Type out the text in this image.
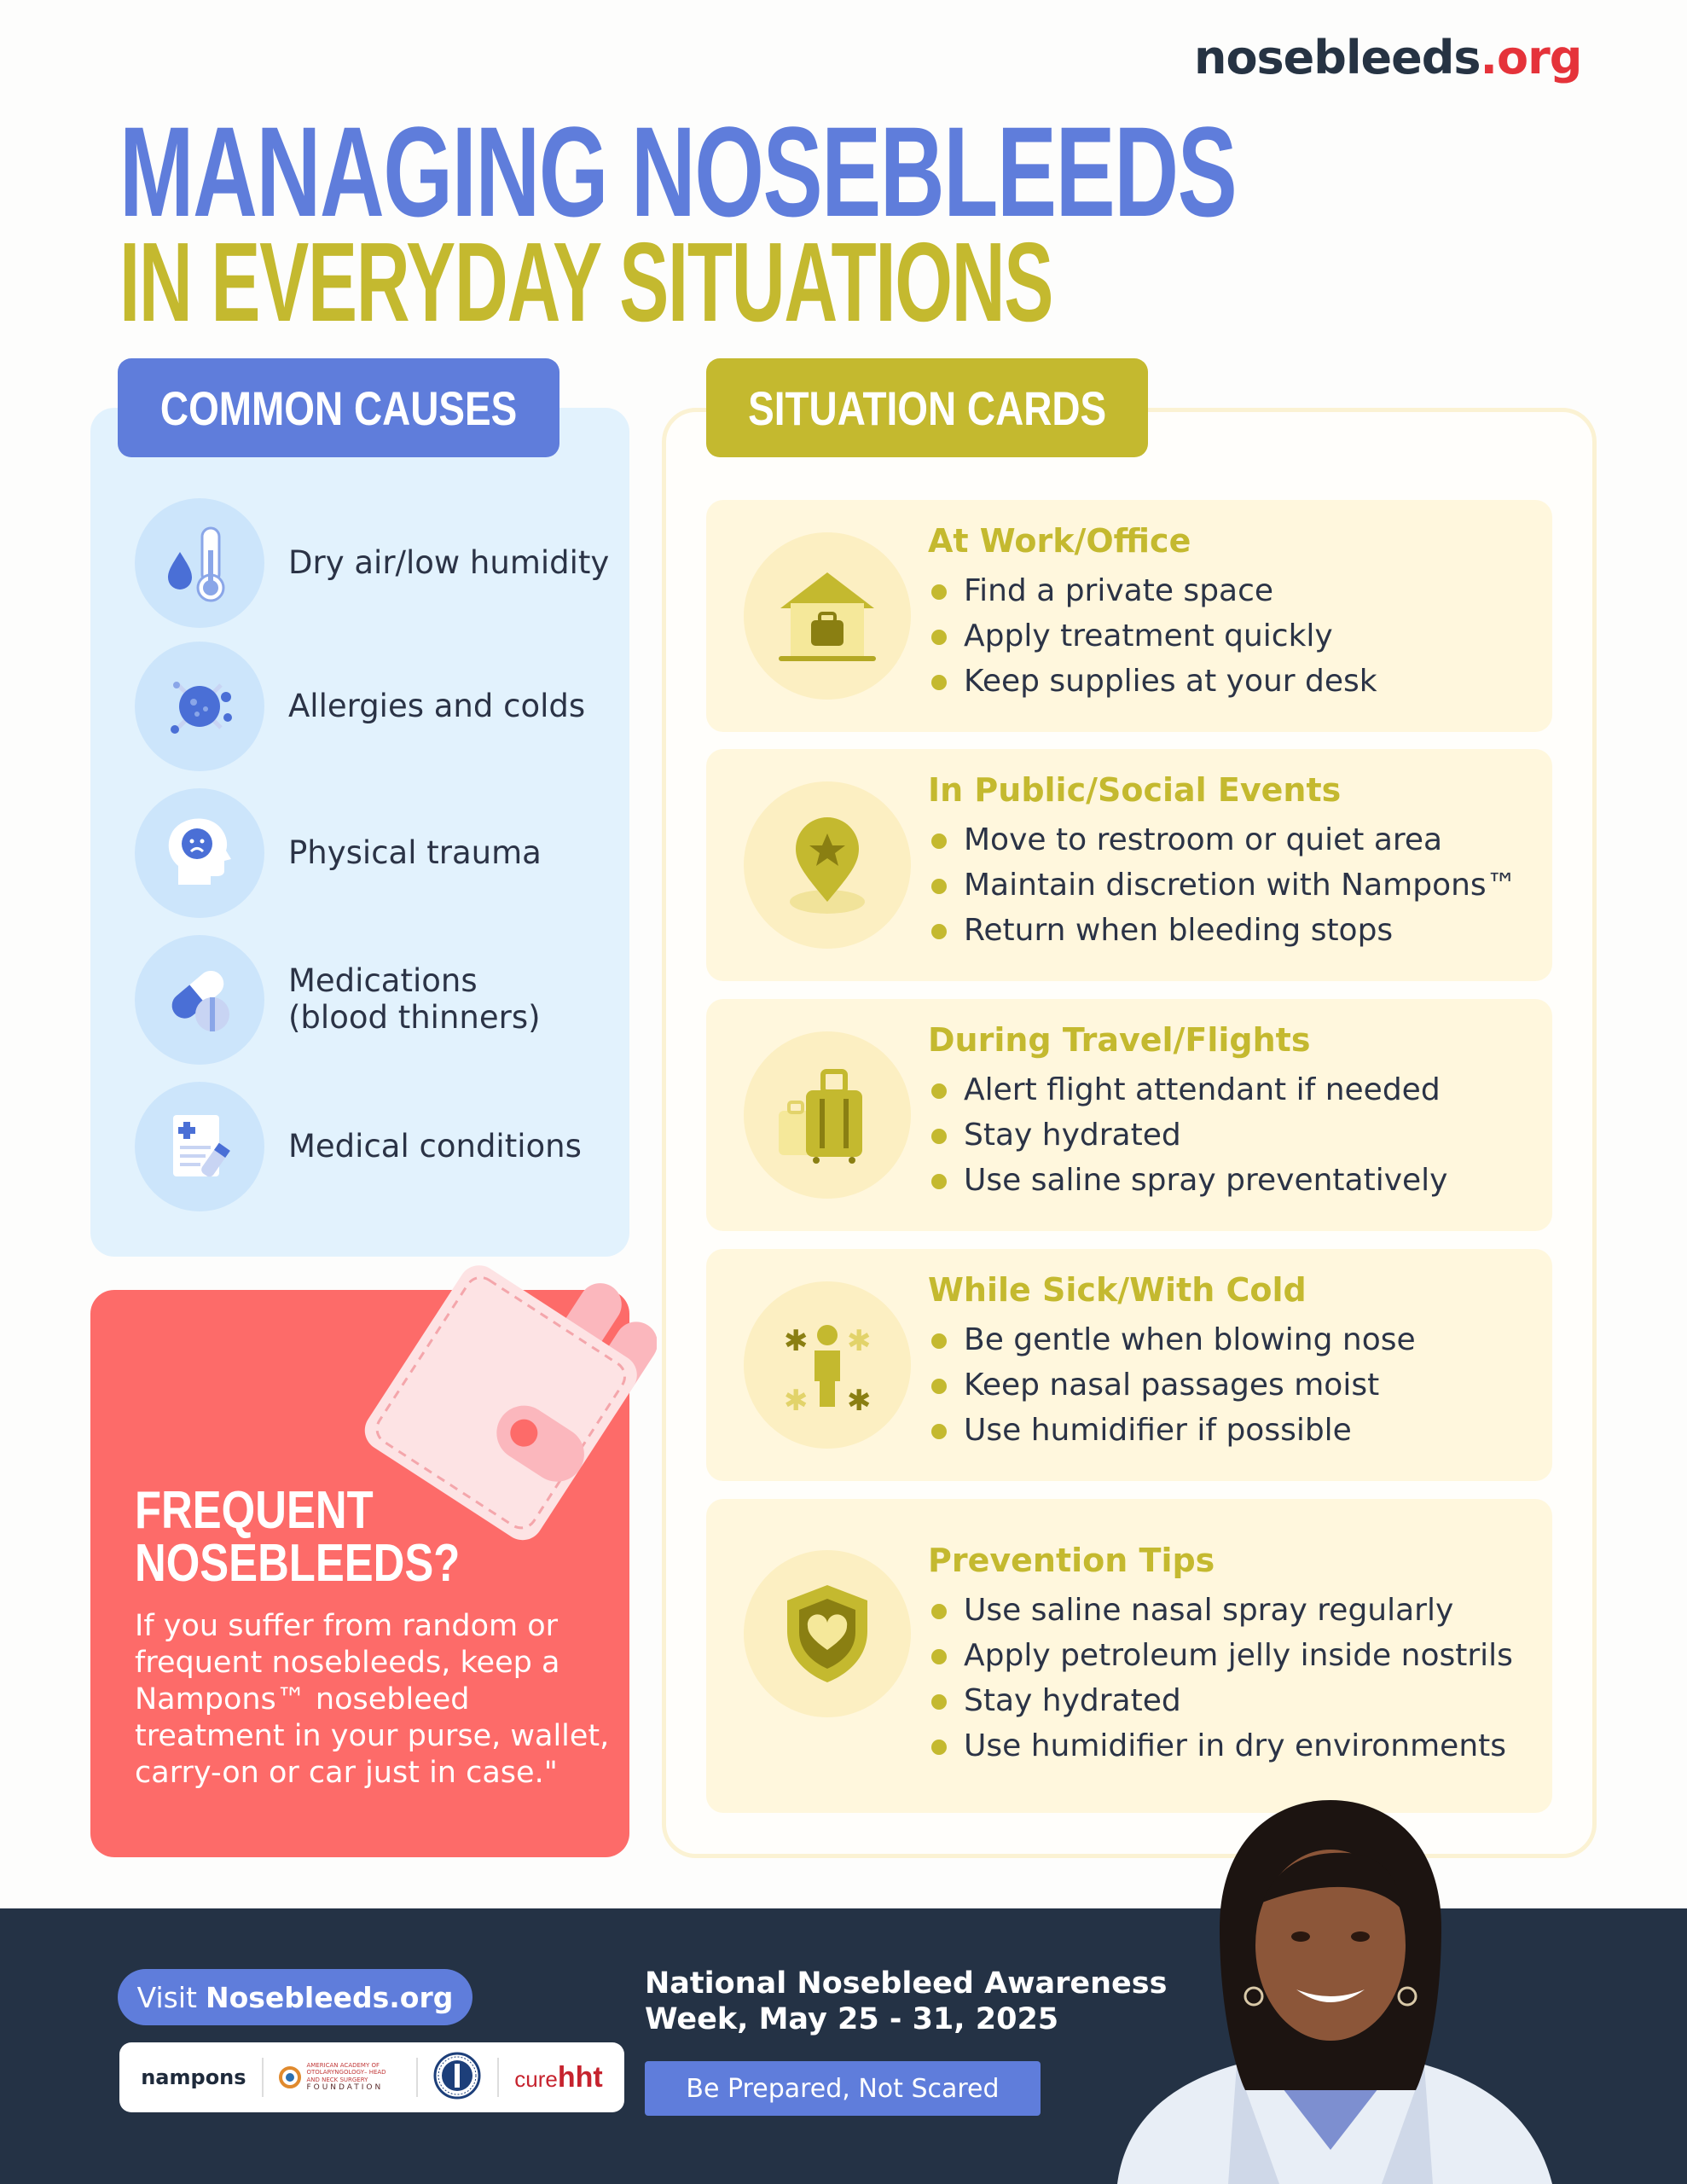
nosebleeds.org
MANAGING NOSEBLEEDS
IN EVERYDAY SITUATIONS
COMMON CAUSES
Dry air/low humidity
Allergies and colds
Physical trauma
Medications
(blood thinners)
Medical conditions
FREQUENT
NOSEBLEEDS?
If you suffer from random or frequent nosebleeds, keep a Nampons™ nosebleed treatment in your purse, wallet, carry-on or car just in case."
SITUATION CARDS
At Work/Office
Find a private space
Apply treatment quickly
Keep supplies at your desk
In Public/Social Events
Move to restroom or quiet area
Maintain discretion with Nampons™
Return when bleeding stops
During Travel/Flights
Alert flight attendant if needed
Stay hydrated
Use saline spray preventatively
✱
✱
✱
✱
While Sick/With Cold
Be gentle when blowing nose
Keep nasal passages moist
Use humidifier if possible
Prevention Tips
Use saline nasal spray regularly
Apply petroleum jelly inside nostrils
Stay hydrated
Use humidifier in dry environments
Visit Nosebleeds.org
nampons	AMERICAN ACADEMY OF OTOLARYNGOLOGY– HEAD AND NECK SURGERY
FOUNDATION	curehht
National Nosebleed Awareness
Week, May 25 - 31, 2025
Be Prepared, Not Scared
